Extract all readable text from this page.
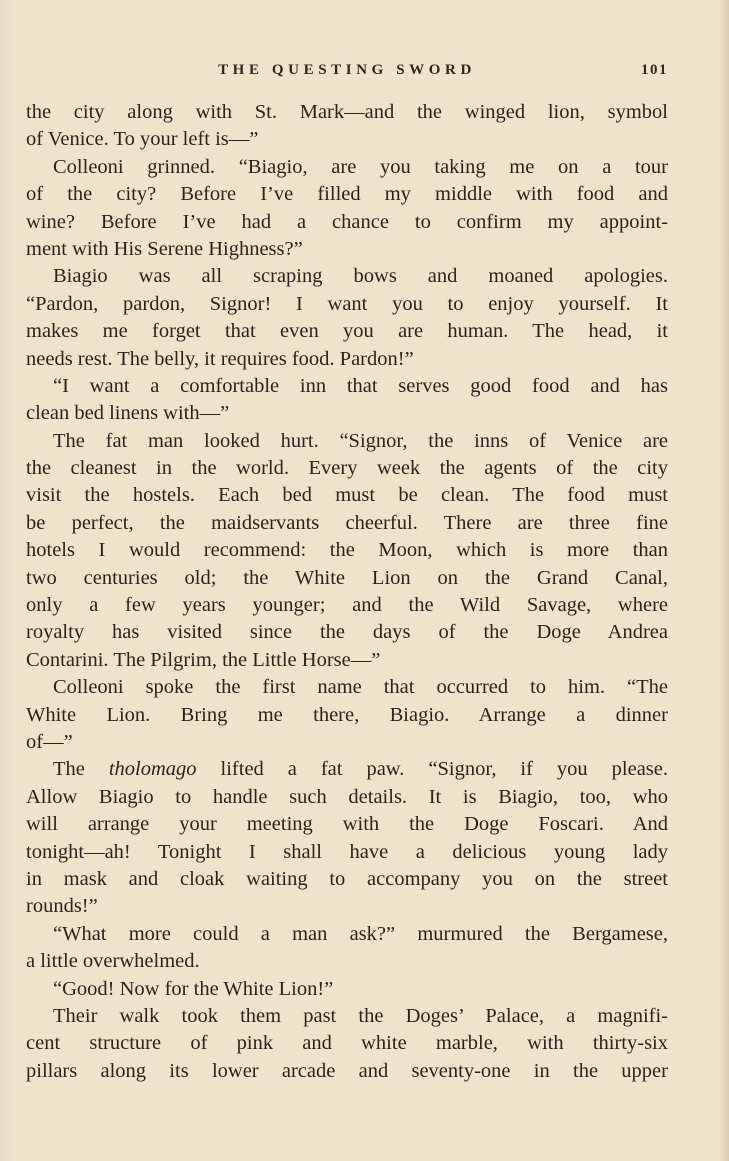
THE QUESTING SWORD	101
the city along with St. Mark—and the winged lion, symbol
of Venice. To your left is—”
Colleoni grinned. “Biagio, are you taking me on a tour
of the city? Before I’ve filled my middle with food and
wine? Before I’ve had a chance to confirm my appoint-
ment with His Serene Highness?”
Biagio was all scraping bows and moaned apologies.
“Pardon, pardon, Signor! I want you to enjoy yourself. It
makes me forget that even you are human. The head, it
needs rest. The belly, it requires food. Pardon!”
“I want a comfortable inn that serves good food and has
clean bed linens with—”
The fat man looked hurt. “Signor, the inns of Venice are
the cleanest in the world. Every week the agents of the city
visit the hostels. Each bed must be clean. The food must
be perfect, the maidservants cheerful. There are three fine
hotels I would recommend: the Moon, which is more than
two centuries old; the White Lion on the Grand Canal,
only a few years younger; and the Wild Savage, where
royalty has visited since the days of the Doge Andrea
Contarini. The Pilgrim, the Little Horse—”
Colleoni spoke the first name that occurred to him. “The
White Lion. Bring me there, Biagio. Arrange a dinner
of—”
The tholomago lifted a fat paw. “Signor, if you please.
Allow Biagio to handle such details. It is Biagio, too, who
will arrange your meeting with the Doge Foscari. And
tonight—ah! Tonight I shall have a delicious young lady
in mask and cloak waiting to accompany you on the street
rounds!”
“What more could a man ask?” murmured the Bergamese,
a little overwhelmed.
“Good! Now for the White Lion!”
Their walk took them past the Doges’ Palace, a magnifi-
cent structure of pink and white marble, with thirty-six
pillars along its lower arcade and seventy-one in the upper
